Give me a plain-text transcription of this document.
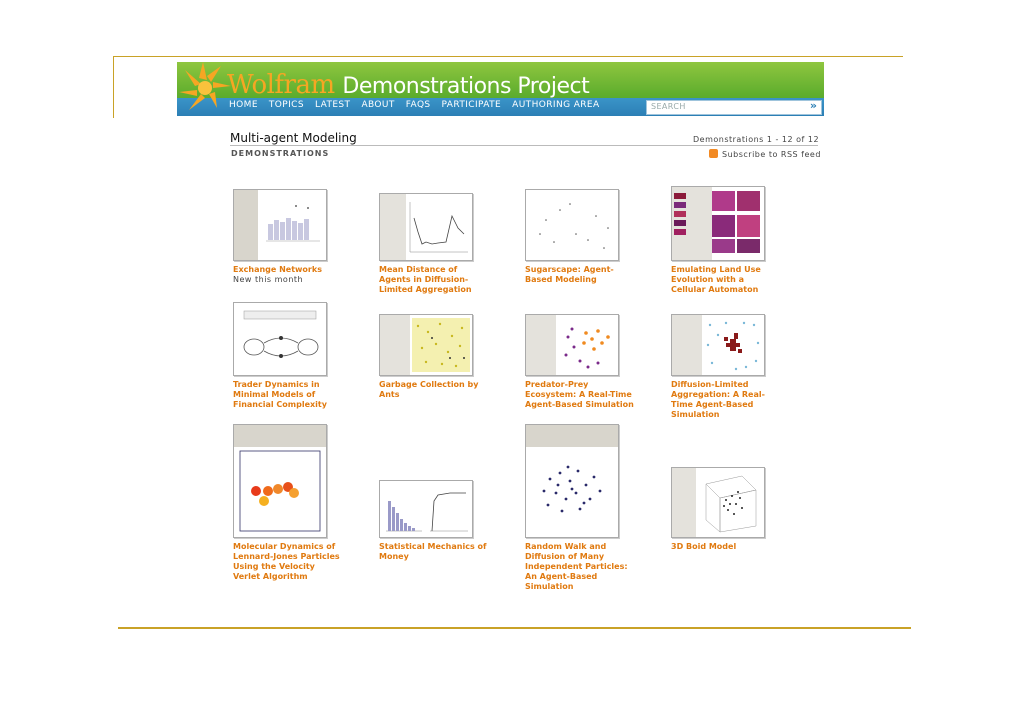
Wolfram Demonstrations Project
HOME TOPICS LATEST ABOUT FAQS PARTICIPATE AUTHORING AREA	SEARCH	»
Multi-agent Modeling
DEMONSTRATIONS
Demonstrations 1 - 12 of 12
Subscribe to RSS feed
Exchange Networks
New this month
Mean Distance of Agents in Diffusion-Limited Aggregation
Sugarscape: Agent-Based Modeling
Emulating Land Use Evolution with a Cellular Automaton
Trader Dynamics in Minimal Models of Financial Complexity
Garbage Collection by Ants
Predator-Prey Ecosystem: A Real-Time Agent-Based Simulation
Diffusion-Limited Aggregation: A Real-Time Agent-Based Simulation
Molecular Dynamics of Lennard-Jones Particles Using the Velocity Verlet Algorithm
Statistical Mechanics of Money
Random Walk and Diffusion of Many Independent Particles: An Agent-Based Simulation
3D Boid Model
